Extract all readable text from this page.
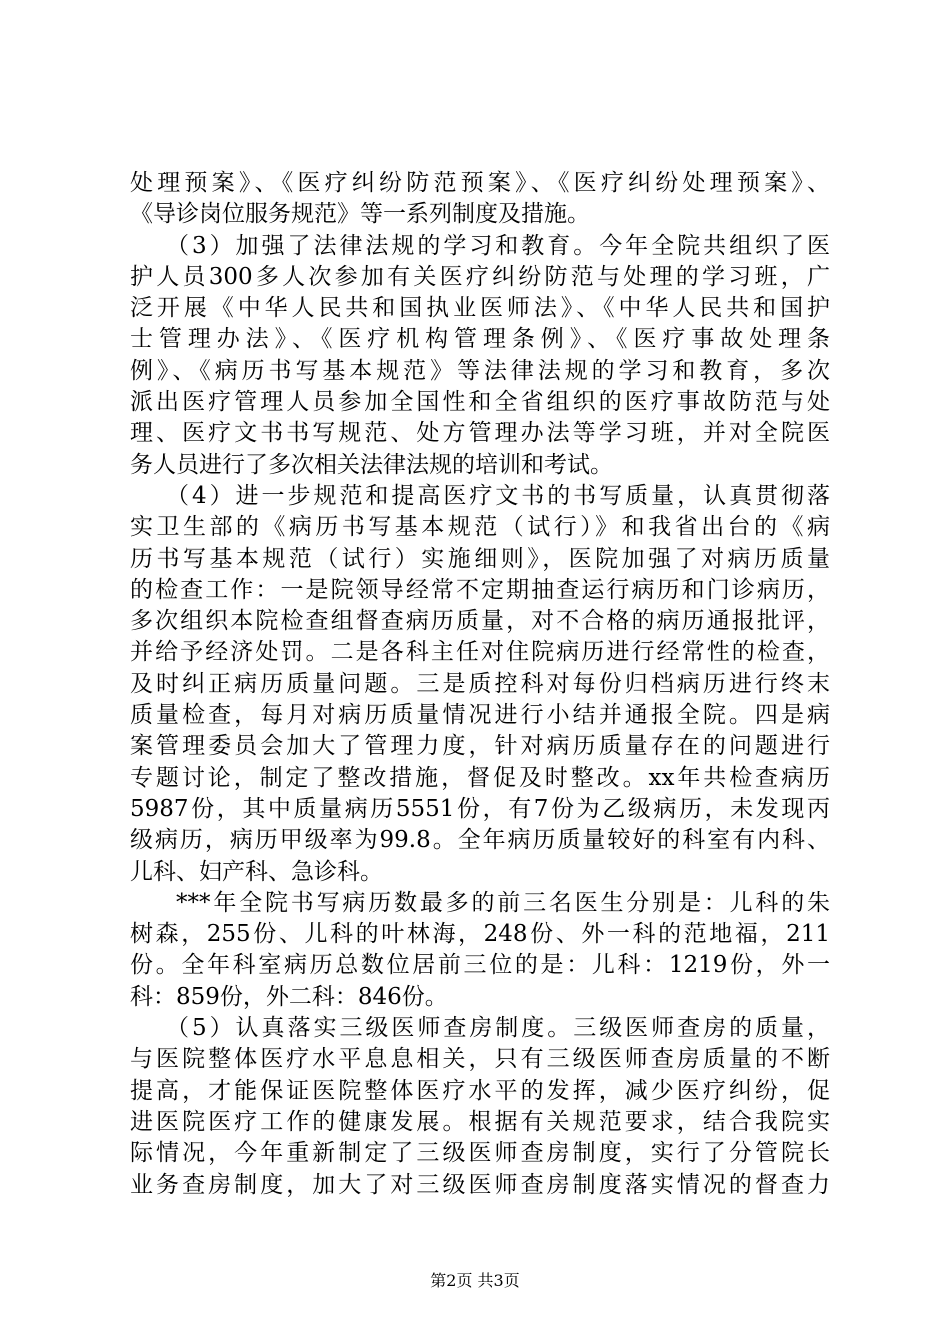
处理预案》、《医疗纠纷防范预案》、《医疗纠纷处理预案》、
《导诊岗位服务规范》等一系列制度及措施。
（3）加强了法律法规的学习和教育。今年全院共组织了医
护人员300多人次参加有关医疗纠纷防范与处理的学习班，广
泛开展《中华人民共和国执业医师法》、《中华人民共和国护
士管理办法》、《医疗机构管理条例》、《医疗事故处理条
例》、《病历书写基本规范》等法律法规的学习和教育，多次
派出医疗管理人员参加全国性和全省组织的医疗事故防范与处
理、医疗文书书写规范、处方管理办法等学习班，并对全院医
务人员进行了多次相关法律法规的培训和考试。
（4）进一步规范和提高医疗文书的书写质量，认真贯彻落
实卫生部的《病历书写基本规范（试行）》和我省出台的《病
历书写基本规范（试行）实施细则》，医院加强了对病历质量
的检查工作：一是院领导经常不定期抽查运行病历和门诊病历，
多次组织本院检查组督查病历质量，对不合格的病历通报批评，
并给予经济处罚。二是各科主任对住院病历进行经常性的检查，
及时纠正病历质量问题。三是质控科对每份归档病历进行终末
质量检查，每月对病历质量情况进行小结并通报全院。四是病
案管理委员会加大了管理力度，针对病历质量存在的问题进行
专题讨论，制定了整改措施，督促及时整改。xx年共检查病历
5987份，其中质量病历5551份，有7份为乙级病历，未发现丙
级病历，病历甲级率为99.8。全年病历质量较好的科室有内科、
儿科、妇产科、急诊科。
***年全院书写病历数最多的前三名医生分别是：儿科的朱
树森，255份、儿科的叶林海，248份、外一科的范地福，211
份。全年科室病历总数位居前三位的是：儿科：1219份，外一
科：859份，外二科：846份。
（5）认真落实三级医师查房制度。三级医师查房的质量，
与医院整体医疗水平息息相关，只有三级医师查房质量的不断
提高，才能保证医院整体医疗水平的发挥，减少医疗纠纷，促
进医院医疗工作的健康发展。根据有关规范要求，结合我院实
际情况，今年重新制定了三级医师查房制度，实行了分管院长
业务查房制度，加大了对三级医师查房制度落实情况的督查力
第2页 共3页
